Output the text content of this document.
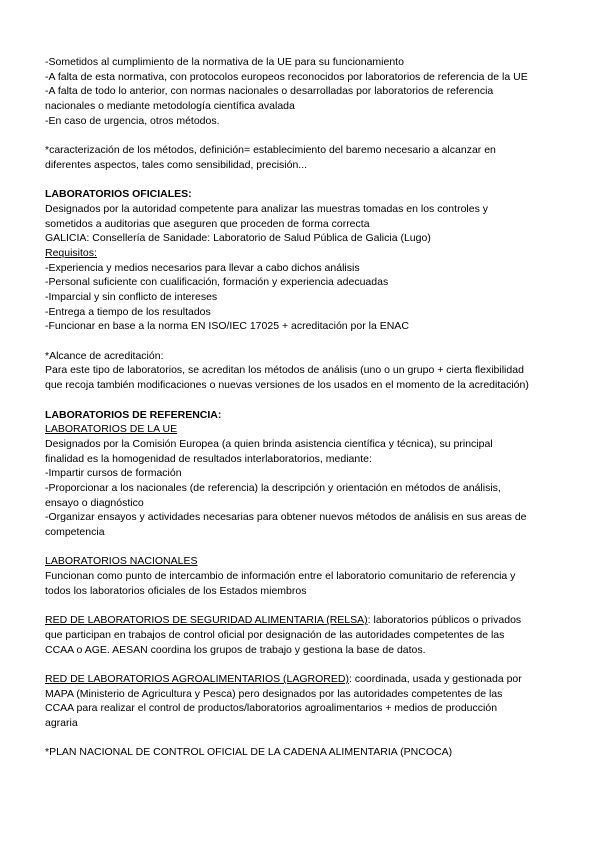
-Sometidos al cumplimiento de la normativa de la UE para su funcionamiento
-A falta de esta normativa, con protocolos europeos reconocidos por laboratorios de referencia de la UE
-A falta de todo lo anterior, con normas nacionales o desarrolladas por laboratorios de referencia
nacionales o mediante metodología científica avalada
-En caso de urgencia, otros métodos.
*caracterización de los métodos, definición= establecimiento del baremo necesario a alcanzar en
diferentes aspectos, tales como sensibilidad, precisión...
LABORATORIOS OFICIALES:
Designados por la autoridad competente para analizar las muestras tomadas en los controles y
sometidos a auditorias que aseguren que proceden de forma correcta
GALICIA: Consellería de Sanidade: Laboratorio de Salud Pública de Galicia (Lugo)
Requisitos:
-Experiencia y medios necesarios para llevar a cabo dichos análisis
-Personal suficiente con cualificación, formación y experiencia adecuadas
-Imparcial y sin conflicto de intereses
-Entrega a tiempo de los resultados
-Funcionar en base a la norma EN ISO/IEC 17025 + acreditación por la ENAC
*Alcance de acreditación:
Para este tipo de laboratorios, se acreditan los métodos de análisis (uno o un grupo + cierta flexibilidad
que recoja también modificaciones o nuevas versiones de los usados en el momento de la acreditación)
LABORATORIOS DE REFERENCIA:
LABORATORIOS DE LA UE
Designados por la Comisión Europea (a quien brinda asistencia científica y técnica), su principal
finalidad es la homogenidad de resultados interlaboratorios, mediante:
-Impartir cursos de formación
-Proporcionar a los nacionales (de referencia) la descripción y orientación en métodos de análisis,
ensayo o diagnóstico
-Organizar ensayos y actividades necesarias para obtener nuevos métodos de análisis en sus areas de
competencia
LABORATORIOS NACIONALES
Funcionan como punto de intercambio de información entre el laboratorio comunitario de referencia y
todos los laboratorios oficiales de los Estados miembros
RED DE LABORATORIOS DE SEGURIDAD ALIMENTARIA (RELSA): laboratorios públicos o privados
que participan en trabajos de control oficial por designación de las autoridades competentes de las
CCAA o AGE. AESAN coordina los grupos de trabajo y gestiona la base de datos.
RED DE LABORATORIOS AGROALIMENTARIOS (LAGRORED): coordinada, usada y gestionada por
MAPA (Ministerio de Agricultura y Pesca) pero designados por las autoridades competentes de las
CCAA para realizar el control de productos/laboratorios agroalimentarios + medios de producción
agraria
*PLAN NACIONAL DE CONTROL OFICIAL DE LA CADENA ALIMENTARIA (PNCOCA)
